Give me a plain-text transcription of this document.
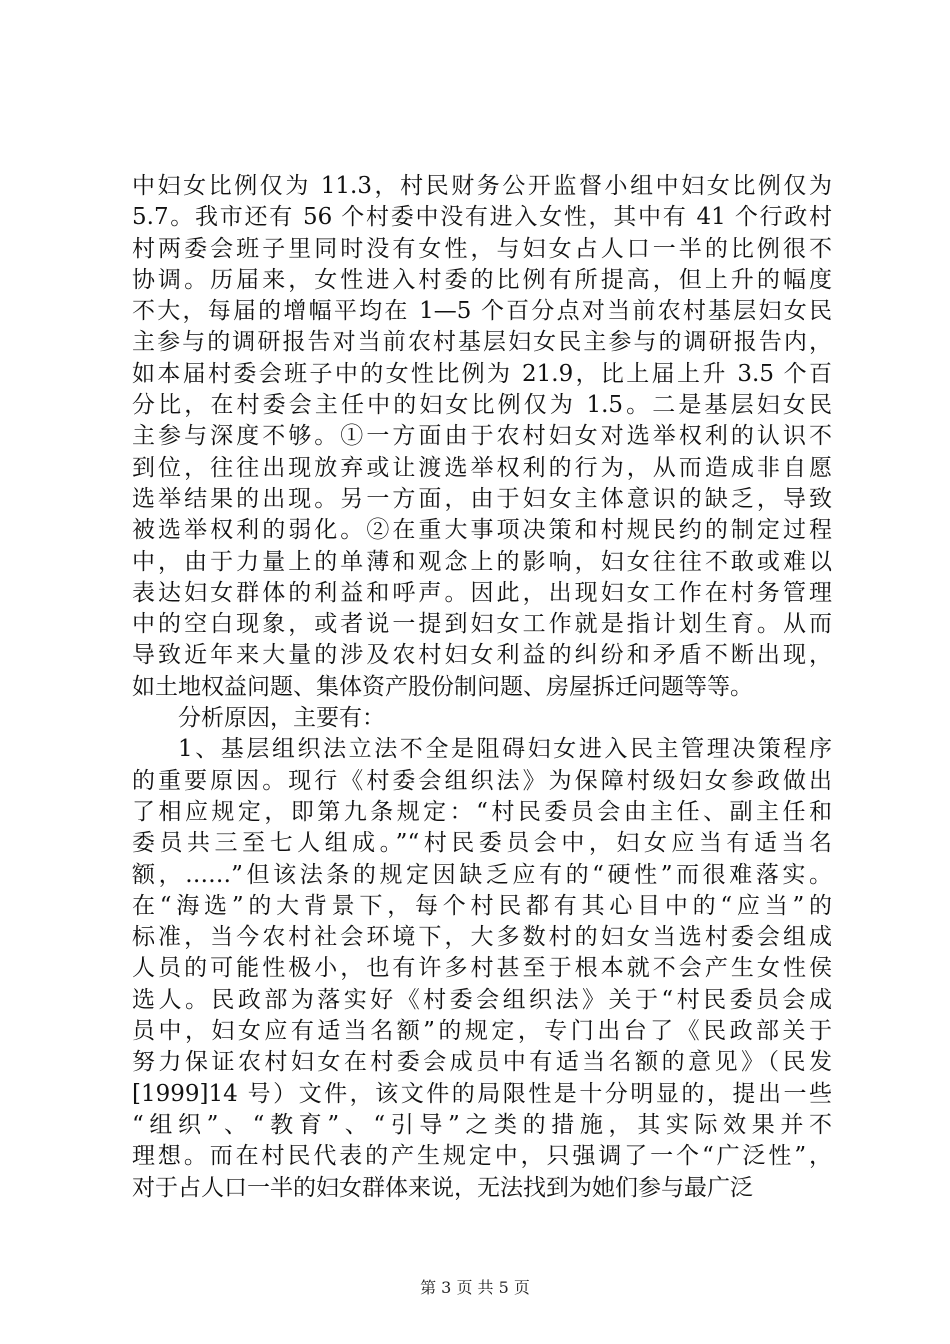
中妇女比例仅为 11.3，村民财务公开监督小组中妇女比例仅为
5.7。我市还有 56 个村委中没有进入女性，其中有 41 个行政村
村两委会班子里同时没有女性，与妇女占人口一半的比例很不
协调。历届来，女性进入村委的比例有所提高，但上升的幅度
不大，每届的增幅平均在 1—5 个百分点对当前农村基层妇女民
主参与的调研报告对当前农村基层妇女民主参与的调研报告内，
如本届村委会班子中的女性比例为 21.9，比上届上升 3.5 个百
分比，在村委会主任中的妇女比例仅为 1.5。二是基层妇女民
主参与深度不够。①一方面由于农村妇女对选举权利的认识不
到位，往往出现放弃或让渡选举权利的行为，从而造成非自愿
选举结果的出现。另一方面，由于妇女主体意识的缺乏，导致
被选举权利的弱化。②在重大事项决策和村规民约的制定过程
中，由于力量上的单薄和观念上的影响，妇女往往不敢或难以
表达妇女群体的利益和呼声。因此，出现妇女工作在村务管理
中的空白现象，或者说一提到妇女工作就是指计划生育。从而
导致近年来大量的涉及农村妇女利益的纠纷和矛盾不断出现，
如土地权益问题、集体资产股份制问题、房屋拆迁问题等等。
分析原因，主要有：
1、基层组织法立法不全是阻碍妇女进入民主管理决策程序
的重要原因。现行《村委会组织法》为保障村级妇女参政做出
了相应规定，即第九条规定：“村民委员会由主任、副主任和
委员共三至七人组成。”“村民委员会中，妇女应当有适当名
额，……”但该法条的规定因缺乏应有的“硬性”而很难落实。
在“海选”的大背景下，每个村民都有其心目中的“应当”的
标准，当今农村社会环境下，大多数村的妇女当选村委会组成
人员的可能性极小，也有许多村甚至于根本就不会产生女性侯
选人。民政部为落实好《村委会组织法》关于“村民委员会成
员中，妇女应有适当名额”的规定，专门出台了《民政部关于
努力保证农村妇女在村委会成员中有适当名额的意见》（民发
[1999]14 号）文件，该文件的局限性是十分明显的，提出一些
“组织”、“教育”、“引导”之类的措施，其实际效果并不
理想。而在村民代表的产生规定中，只强调了一个“广泛性”，
对于占人口一半的妇女群体来说，无法找到为她们参与最广泛
第 3 页 共 5 页
